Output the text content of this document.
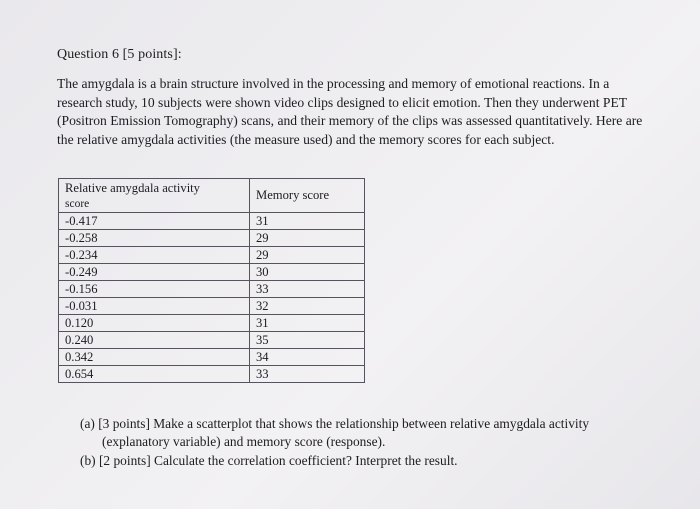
Question 6 [5 points]:
The amygdala is a brain structure involved in the processing and memory of emotional reactions. In a research study, 10 subjects were shown video clips designed to elicit emotion. Then they underwent PET (Positron Emission Tomography) scans, and their memory of the clips was assessed quantitatively. Here are the relative amygdala activities (the measure used) and the memory scores for each subject.
Relative amygdala activity
score	Memory score
-0.417	31
-0.258	29
-0.234	29
-0.249	30
-0.156	33
-0.031	32
0.120	31
0.240	35
0.342	34
0.654	33
(a) [3 points] Make a scatterplot that shows the relationship between relative amygdala activity (explanatory variable) and memory score (response).
(b) [2 points] Calculate the correlation coefficient? Interpret the result.
